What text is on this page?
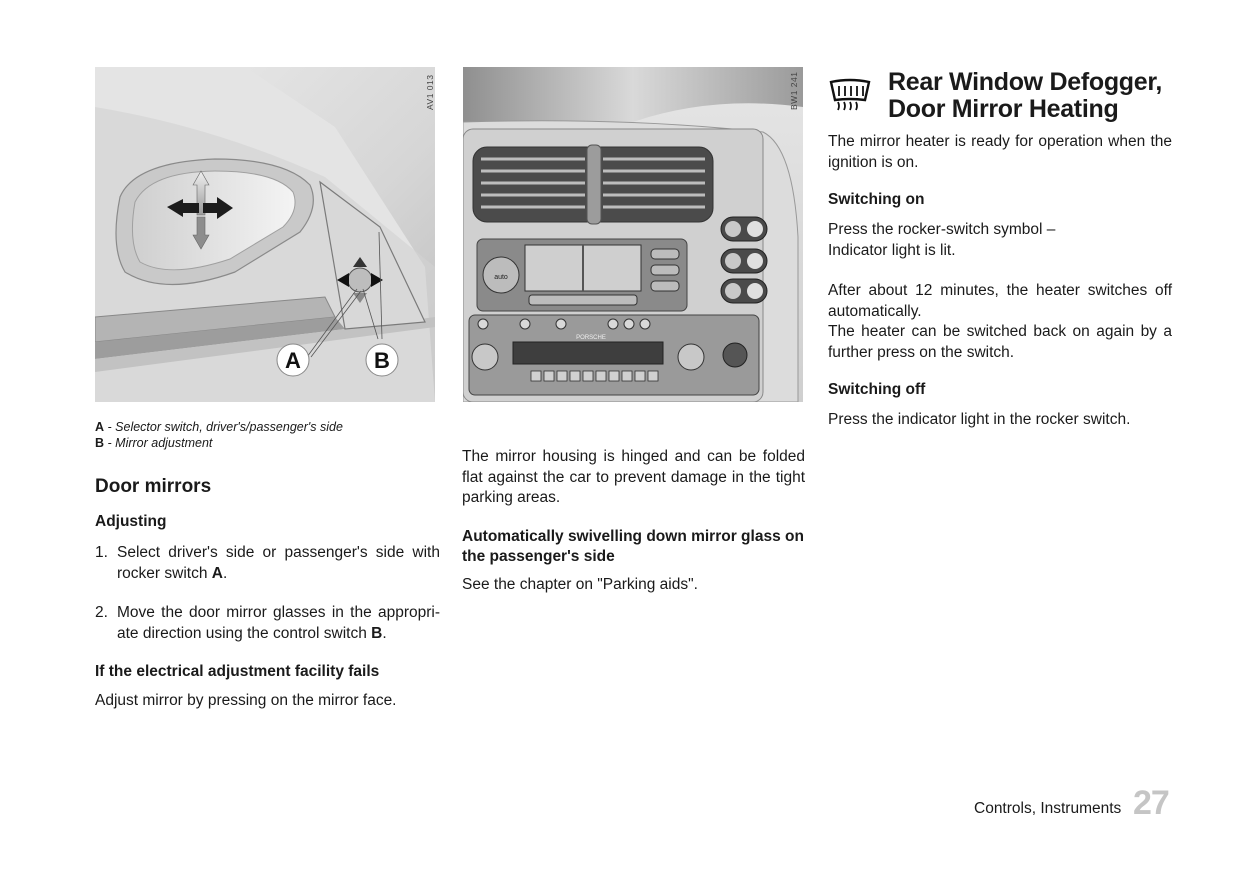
A	B
AV1 013
auto
PORSCHE
BW1 241
A - Selector switch, driver's/passenger's side
B - Mirror adjustment
Door mirrors
Adjusting
1. Select driver's side or passenger's side with rocker switch A.
2. Move the door mirror glasses in the appropri-ate direction using the control switch B.
If the electrical adjustment facility fails
Adjust mirror by pressing on the mirror face.
The mirror housing is hinged and can be folded flat against the car to prevent damage in the tight parking areas.
Automatically swivelling down mirror glass on the passenger's side
See the chapter on "Parking aids".
Rear Window Defogger,
Door Mirror Heating
The mirror heater is ready for operation when the ignition is on.
Switching on
Press the rocker-switch symbol –
Indicator light is lit.
After about 12 minutes, the heater switches off automatically.
The heater can be switched back on again by a further press on the switch.
Switching off
Press the indicator light in the rocker switch.
Controls, Instruments 27
